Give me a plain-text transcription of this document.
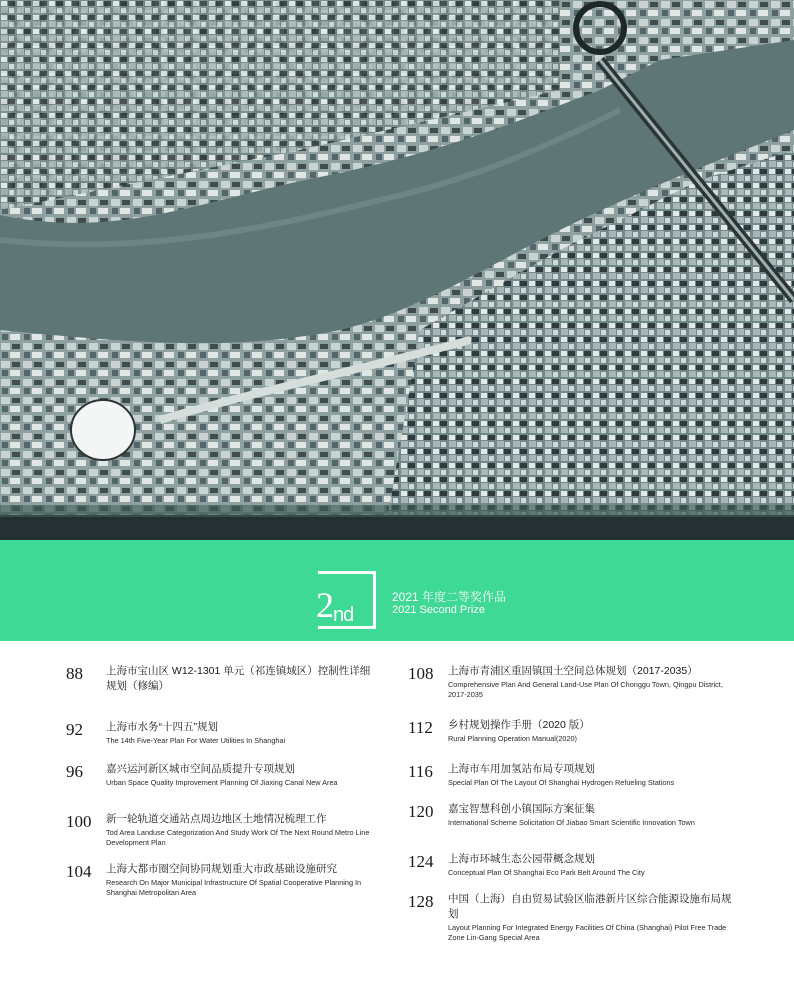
$2_{nd}$
2021 年度二等奖作品
2021 Second Prize
88	上海市宝山区 W12-1301 单元（祁连镇域区）控制性详细规划（修编）
92	上海市水务“十四五”规划
The 14th Five-Year Plan For Water Utilities In Shanghai
96	嘉兴运河新区城市空间品质提升专项规划
Urban Space Quality Improvement Planning Of Jiaxing Canal New Area
100	新一轮轨道交通站点周边地区土地情况梳理工作
Tod Area Landuse Categorization And Study Work Of The Next Round Metro Line Development Plan
104	上海大都市圈空间协同规划重大市政基础设施研究
Research On Major Municipal Infrastructure Of Spatial Cooperative Planning In Shanghai Metropolitan Area
108	上海市青浦区重固镇国土空间总体规划（2017-2035）
Comprehensive Plan And General Land-Use Plan Of Chonggu Town, Qingpu District, 2017-2035
112	乡村规划操作手册（2020 版）
Rural Planning Operation Manual(2020)
116	上海市车用加氢站布局专项规划
Special Plan Of The Layout Of Shanghai Hydrogen Refueling Stations
120	嘉宝智慧科创小镇国际方案征集
International Scheme Solicitation Of Jiabao Smart Scientific Innovation Town
124	上海市环城生态公园带概念规划
Conceptual Plan Of Shanghai Eco Park Belt Around The City
128	中国（上海）自由贸易试验区临港新片区综合能源设施布局规划
Layout Planning For Integrated Energy Facilities Of China (Shanghai) Pilot Free Trade Zone Lin-Gang Special Area
